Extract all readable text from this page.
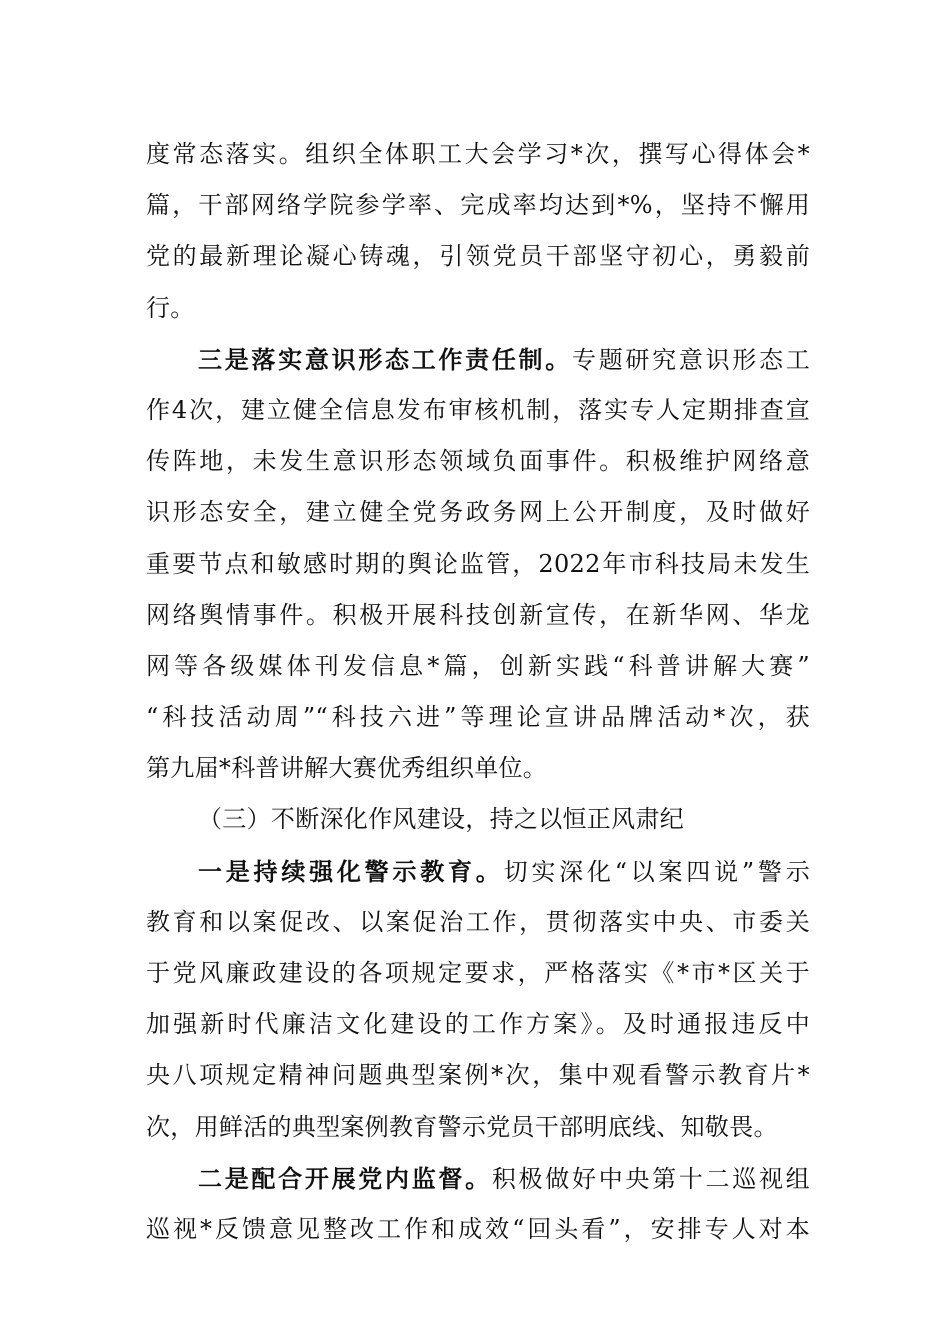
度常态落实。组织全体职工大会学习*次，撰写心得体会*
篇，干部网络学院参学率、完成率均达到*%，坚持不懈用
党的最新理论凝心铸魂，引领党员干部坚守初心，勇毅前
行。
三是落实意识形态工作责任制。专题研究意识形态工
作4次，建立健全信息发布审核机制，落实专人定期排查宣
传阵地，未发生意识形态领域负面事件。积极维护网络意
识形态安全，建立健全党务政务网上公开制度，及时做好
重要节点和敏感时期的舆论监管，2022年市科技局未发生
网络舆情事件。积极开展科技创新宣传，在新华网、华龙
网等各级媒体刊发信息*篇，创新实践“科普讲解大赛”
“科技活动周”“科技六进”等理论宣讲品牌活动*次，获
第九届*科普讲解大赛优秀组织单位。
（三）不断深化作风建设，持之以恒正风肃纪
一是持续强化警示教育。切实深化“以案四说”警示
教育和以案促改、以案促治工作，贯彻落实中央、市委关
于党风廉政建设的各项规定要求，严格落实《*市*区关于
加强新时代廉洁文化建设的工作方案》。及时通报违反中
央八项规定精神问题典型案例*次，集中观看警示教育片*
次，用鲜活的典型案例教育警示党员干部明底线、知敬畏。
二是配合开展党内监督。积极做好中央第十二巡视组
巡视*反馈意见整改工作和成效“回头看”，安排专人对本
